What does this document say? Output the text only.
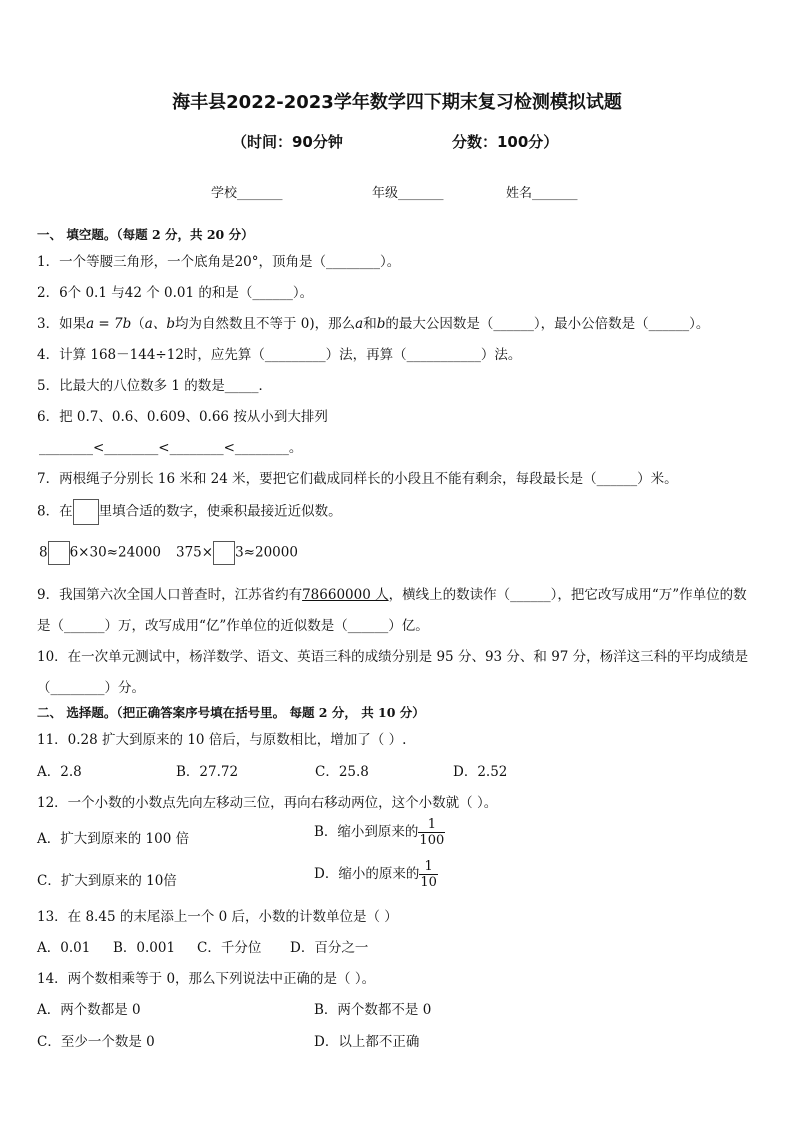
海丰县2022-2023学年数学四下期末复习检测模拟试题
（时间：90分钟	分数：100分）
学校_______	年级_______	姓名_______
一、 填空题。（每题 2 分，共 20 分）
1．一个等腰三角形，一个底角是20°，顶角是（________）。
2．6个 0.1 与42 个 0.01 的和是（______）。
3．如果a = 7b（a、b均为自然数且不等于 0)，那么a和b的最大公因数是（______），最小公倍数是（______）。
4．计算 168－144÷12时，应先算（_________）法，再算（___________）法。
5．比最大的八位数多 1 的数是_____．
6．把 0.7、0.6、0.609、0.66 按从小到大排列
________<________<________<________。
7．两根绳子分别长 16 米和 24 米，要把它们截成同样长的小段且不能有剩余，每段最长是（______）米。
8．在 里填合适的数字，使乘积最接近近似数。
8 6×30≈24000 375× 3≈20000
9．我国第六次全国人口普查时，江苏省约有78660000 人，横线上的数读作（______），把它改写成用“万”作单位的数
是（______）万，改写成用“亿”作单位的近似数是（______）亿。
10．在一次单元测试中，杨洋数学、语文、英语三科的成绩分别是 95 分、93 分、和 97 分，杨洋这三科的平均成绩是
（________）分。
二、 选择题。（把正确答案序号填在括号里。 每题 2 分， 共 10 分）
11．0.28 扩大到原来的 10 倍后，与原数相比，增加了（ ）.
A．2.8	B．27.72	C．25.8	D．2.52
12．一个小数的小数点先向左移动三位，再向右移动两位，这个小数就（ ）。
A．扩大到原来的 100 倍	B．缩小到原来的 $\frac{1}{100}$
C．扩大到原来的 10倍	D．缩小的原来的 $\frac{1}{10}$
13．在 8.45 的末尾添上一个 0 后，小数的计数单位是（ ）
A．0.01 B．0.001 C．千分位 D．百分之一
14．两个数相乘等于 0，那么下列说法中正确的是（ ）。
A．两个数都是 0	B．两个数都不是 0
C．至少一个数是 0	D．以上都不正确
